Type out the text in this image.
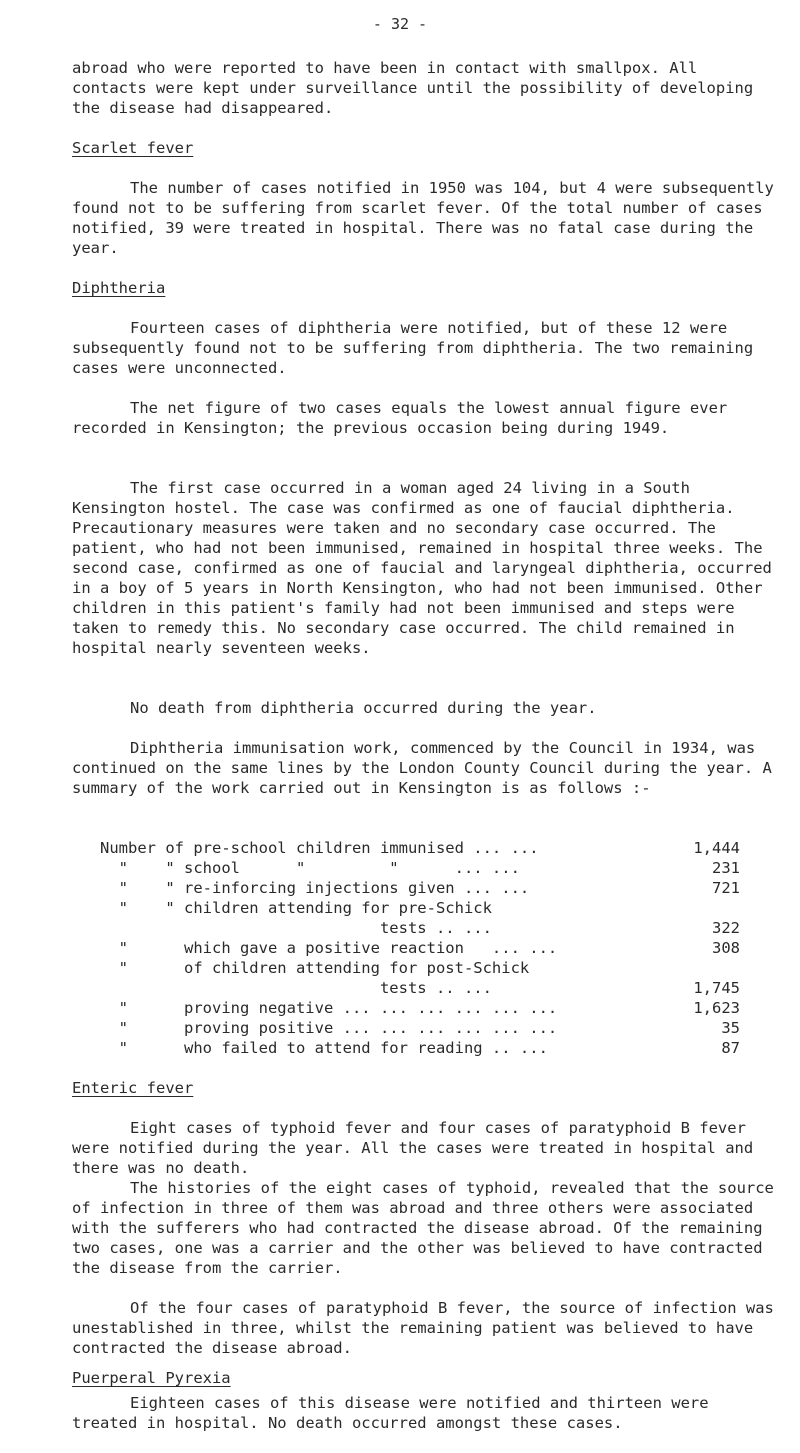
- 32 -
abroad who were reported to have been in contact with smallpox. All contacts were kept under surveillance until the possibility of developing the disease had disappeared.
Scarlet fever
The number of cases notified in 1950 was 104, but 4 were subsequently found not to be suffering from scarlet fever. Of the total number of cases notified, 39 were treated in hospital. There was no fatal case during the year.
Diphtheria
Fourteen cases of diphtheria were notified, but of these 12 were subsequently found not to be suffering from diphtheria. The two remaining cases were unconnected.
The net figure of two cases equals the lowest annual figure ever recorded in Kensington; the previous occasion being during 1949.
The first case occurred in a woman aged 24 living in a South Kensington hostel. The case was confirmed as one of faucial diphtheria. Precautionary measures were taken and no secondary case occurred. The patient, who had not been immunised, remained in hospital three weeks. The second case, confirmed as one of faucial and laryngeal diphtheria, occurred in a boy of 5 years in North Kensington, who had not been immunised. Other children in this patient's family had not been immunised and steps were taken to remedy this. No secondary case occurred. The child remained in hospital nearly seventeen weeks.
No death from diphtheria occurred during the year.
Diphtheria immunisation work, commenced by the Council in 1934, was continued on the same lines by the London County Council during the year. A summary of the work carried out in Kensington is as follows :-
Number of pre-school children immunised ... ...	1,444
"    " school      "         "      ... ...	231
"    " re-inforcing injections given ... ...	721
"    " children attending for pre-Schick
tests .. ...	322
"      which gave a positive reaction   ... ...	308
"      of children attending for post-Schick
tests .. ...	1,745
"      proving negative ... ... ... ... ... ...	1,623
"      proving positive ... ... ... ... ... ...	35
"      who failed to attend for reading .. ...	87
Enteric fever
Eight cases of typhoid fever and four cases of paratyphoid B fever were notified during the year. All the cases were treated in hospital and there was no death.
The histories of the eight cases of typhoid, revealed that the source of infection in three of them was abroad and three others were associated with the sufferers who had contracted the disease abroad. Of the remaining two cases, one was a carrier and the other was believed to have contracted the disease from the carrier.
Of the four cases of paratyphoid B fever, the source of infection was unestablished in three, whilst the remaining patient was believed to have contracted the disease abroad.
Puerperal Pyrexia
Eighteen cases of this disease were notified and thirteen were treated in hospital. No death occurred amongst these cases.
